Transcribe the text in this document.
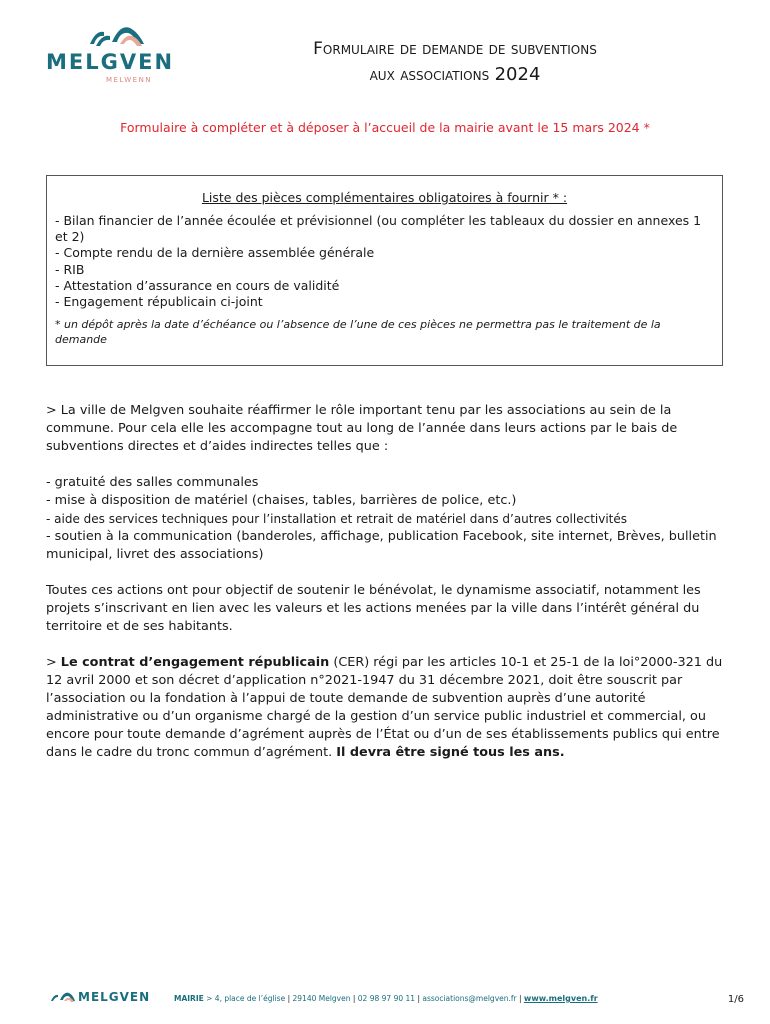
MELGVEN
MELWENN
Formulaire de demande de subventions
aux associations 2024
Formulaire à compléter et à déposer à l’accueil de la mairie avant le 15 mars 2024 *
Liste des pièces complémentaires obligatoires à fournir * :
- Bilan financier de l’année écoulée et prévisionnel (ou compléter les tableaux du dossier en annexes 1 et 2)
- Compte rendu de la dernière assemblée générale
- RIB
- Attestation d’assurance en cours de validité
- Engagement républicain ci-joint
* un dépôt après la date d’échéance ou l’absence de l’une de ces pièces ne permettra pas le traitement de la demande

> La ville de Melgven souhaite réaffirmer le rôle important tenu par les associations au sein de la commune. Pour cela elle les accompagne tout au long de l’année dans leurs actions par le bais de subventions directes et d’aides indirectes telles que :

- gratuité des salles communales
- mise à disposition de matériel (chaises, tables, barrières de police, etc.)
- aide des services techniques pour l’installation et retrait de matériel dans d’autres collectivités
- soutien à la communication (banderoles, affichage, publication Facebook, site internet, Brèves, bulletin municipal, livret des associations)

Toutes ces actions ont pour objectif de soutenir le bénévolat, le dynamisme associatif, notamment les projets s’inscrivant en lien avec les valeurs et les actions menées par la ville dans l’intérêt général du territoire et de ses habitants.

> Le contrat d’engagement républicain (CER) régi par les articles 10-1 et 25-1 de la loi°2000-321 du 12 avril 2000 et son décret d’application n°2021-1947 du 31 décembre 2021, doit être souscrit par l’association ou la fondation à l’appui de toute demande de subvention auprès d’une autorité administrative ou d’un organisme chargé de la gestion d’un service public industriel et commercial, ou encore pour toute demande d’agrément auprès de l’État ou d’un de ses établissements publics qui entre dans le cadre du tronc commun d’agrément. Il devra être signé tous les ans.

MELGVEN	MAIRIE > 4, place de l’église | 29140 Melgven | 02 98 97 90 11 | associations@melgven.fr | www.melgven.fr	1/6
